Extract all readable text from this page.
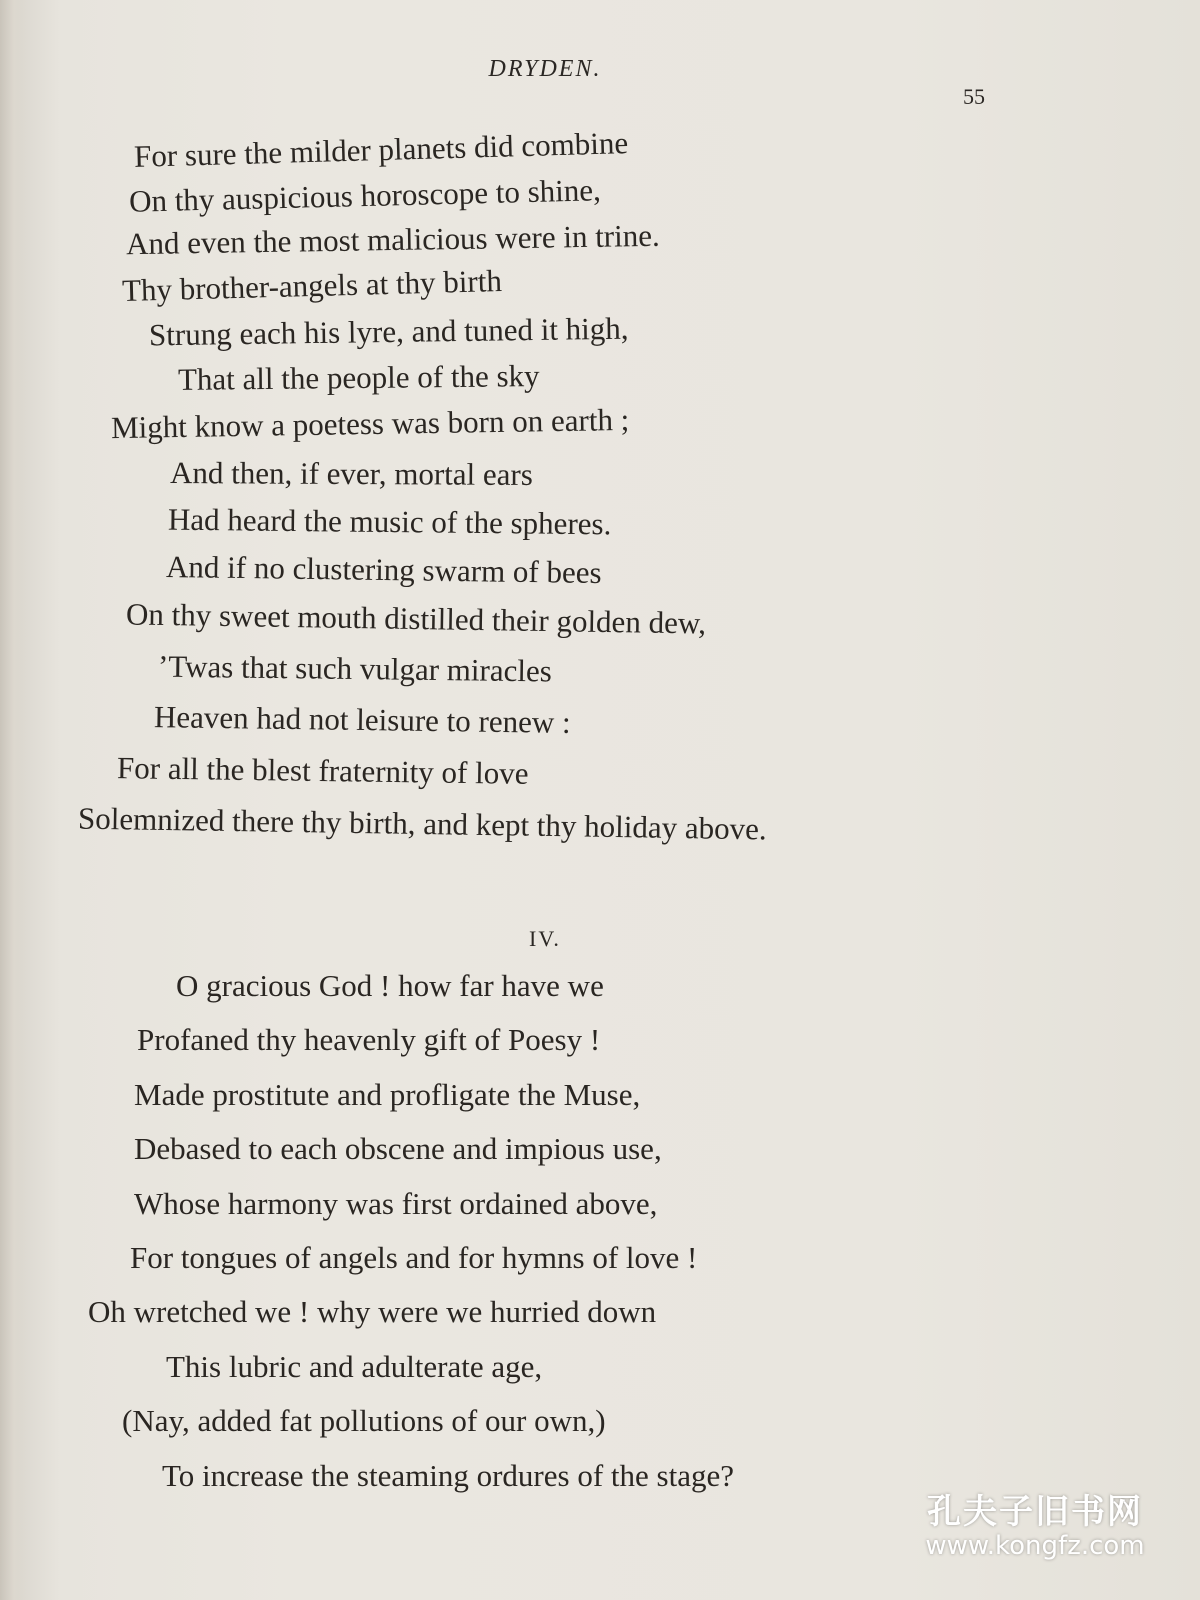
DRYDEN.
55
For sure the milder planets did combine
On thy auspicious horoscope to shine,
And even the most malicious were in trine.
Thy brother-angels at thy birth
Strung each his lyre, and tuned it high,
That all the people of the sky
Might know a poetess was born on earth ;
And then, if ever, mortal ears
Had heard the music of the spheres.
And if no clustering swarm of bees
On thy sweet mouth distilled their golden dew,
’Twas that such vulgar miracles
Heaven had not leisure to renew :
For all the blest fraternity of love
Solemnized there thy birth, and kept thy holiday above.
IV.
O gracious God ! how far have we
Profaned thy heavenly gift of Poesy !
Made prostitute and profligate the Muse,
Debased to each obscene and impious use,
Whose harmony was first ordained above,
For tongues of angels and for hymns of love !
Oh wretched we ! why were we hurried down
This lubric and adulterate age,
(Nay, added fat pollutions of our own,)
To increase the steaming ordures of the stage?
孔夫子旧书网
www.kongfz.com
